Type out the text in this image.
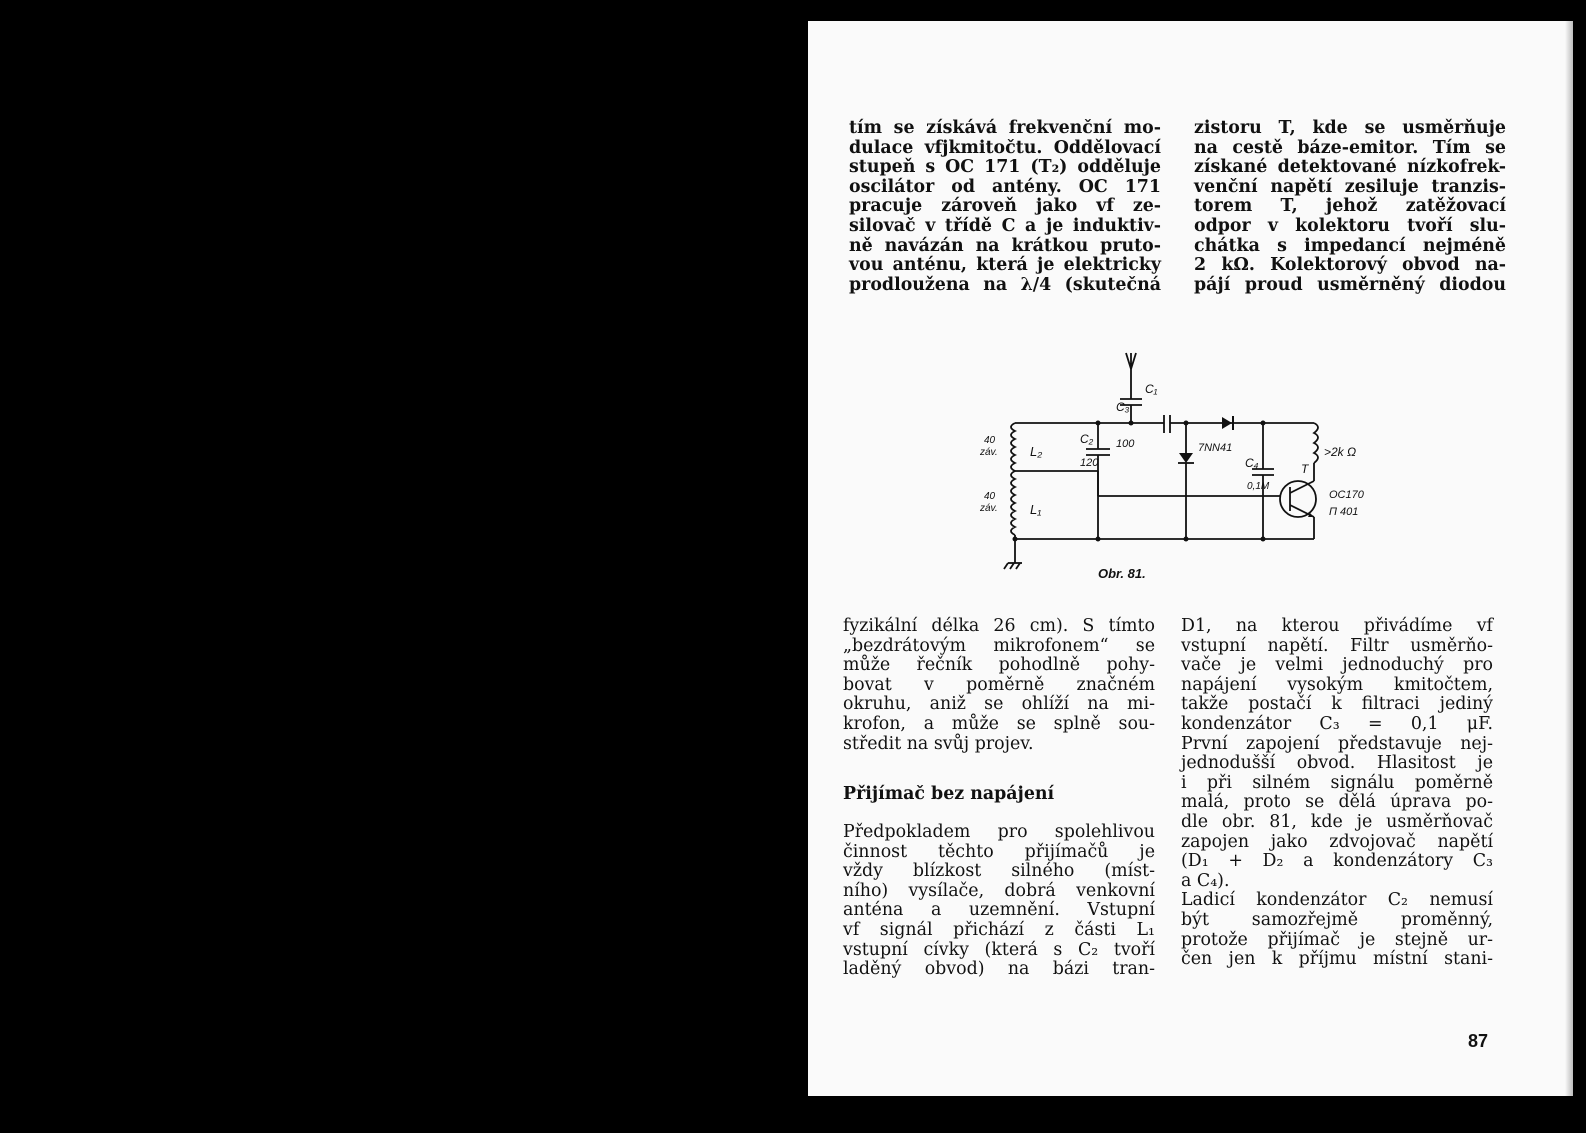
tím se získává frekvenční mo-
dulace vfjkmitočtu. Oddělovací
stupeň s OC 171 (T₂) odděluje
oscilátor od antény. OC 171
pracuje zároveň jako vf ze-
silovač v třídě C a je induktiv-
ně navázán na krátkou pruto-
vou anténu, která je elektricky
prodloužena na λ/4 (skutečná
zistoru T, kde se usměrňuje
na cestě báze-emitor. Tím se
získané detektované nízkofrek-
venční napětí zesiluje tranzis-
torem T, jehož zatěžovací
odpor v kolektoru tvoří slu-
chátka s impedancí nejméně
2 kΩ. Kolektorový obvod na-
pájí proud usměrněný diodou
C₁
C₃
100
C₂
120
7NN41
C₄
0,1M
T
>2k Ω
OC170
П 401
L₂
L₁
40
záv.
40
záv.
Obr. 81.
fyzikální délka 26 cm). S tímto
„bezdrátovým mikrofonem“ se
může řečník pohodlně pohy-
bovat v poměrně značném
okruhu, aniž se ohlíží na mi-
krofon, a může se splně sou-
středit na svůj projev.
Přijímač bez napájení
Předpokladem pro spolehlivou
činnost těchto přijímačů je
vždy blízkost silného (míst-
ního) vysílače, dobrá venkovní
anténa a uzemnění. Vstupní
vf signál přichází z části L₁
vstupní cívky (která s C₂ tvoří
laděný obvod) na bázi tran-
D1, na kterou přivádíme vf
vstupní napětí. Filtr usměrňo-
vače je velmi jednoduchý pro
napájení vysokým kmitočtem,
takže postačí k filtraci jediný
kondenzátor C₃ = 0,1 μF.
První zapojení představuje nej-
jednodušší obvod. Hlasitost je
i při silném signálu poměrně
malá, proto se dělá úprava po-
dle obr. 81, kde je usměrňovač
zapojen jako zdvojovač napětí
(D₁ + D₂ a kondenzátory C₃
a C₄).
Ladicí kondenzátor C₂ nemusí
být samozřejmě proměnný,
protože přijímač je stejně ur-
čen jen k příjmu místní stani-
87
